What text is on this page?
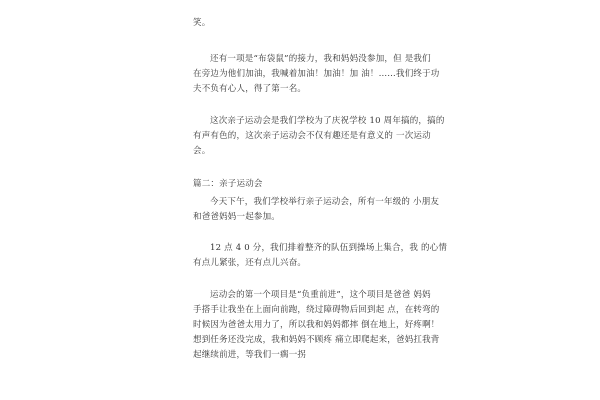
笑。
还有一项是“布袋鼠”的接力，我和妈妈没参加，但 是我们
在旁边为他们加油，我喊着加油！加油！加 油！……我们终于功
夫不负有心人，得了第一名。
这次亲子运动会是我们学校为了庆祝学校 10 周年搞的，搞的
有声有色的，这次亲子运动会不仅有趣还是有意义的 一次运动
会。
篇二：亲子运动会
今天下午，我们学校举行亲子运动会，所有一年级的 小朋友
和爸爸妈妈一起参加。
12 点 4 0 分，我们排着整齐的队伍到操场上集合，我 的心情
有点儿紧张，还有点儿兴奋。
运动会的第一个项目是“负重前进”，这个项目是爸爸 妈妈
手搭手让我坐在上面向前跑，绕过障碍物后回到起 点，在转弯的
时候因为爸爸太用力了，所以我和妈妈都摔 倒在地上，好疼啊！
想到任务还没完成，我和妈妈不顾疼 痛立即爬起来，爸妈扛我背
起继续前进，等我们一瘸一拐
